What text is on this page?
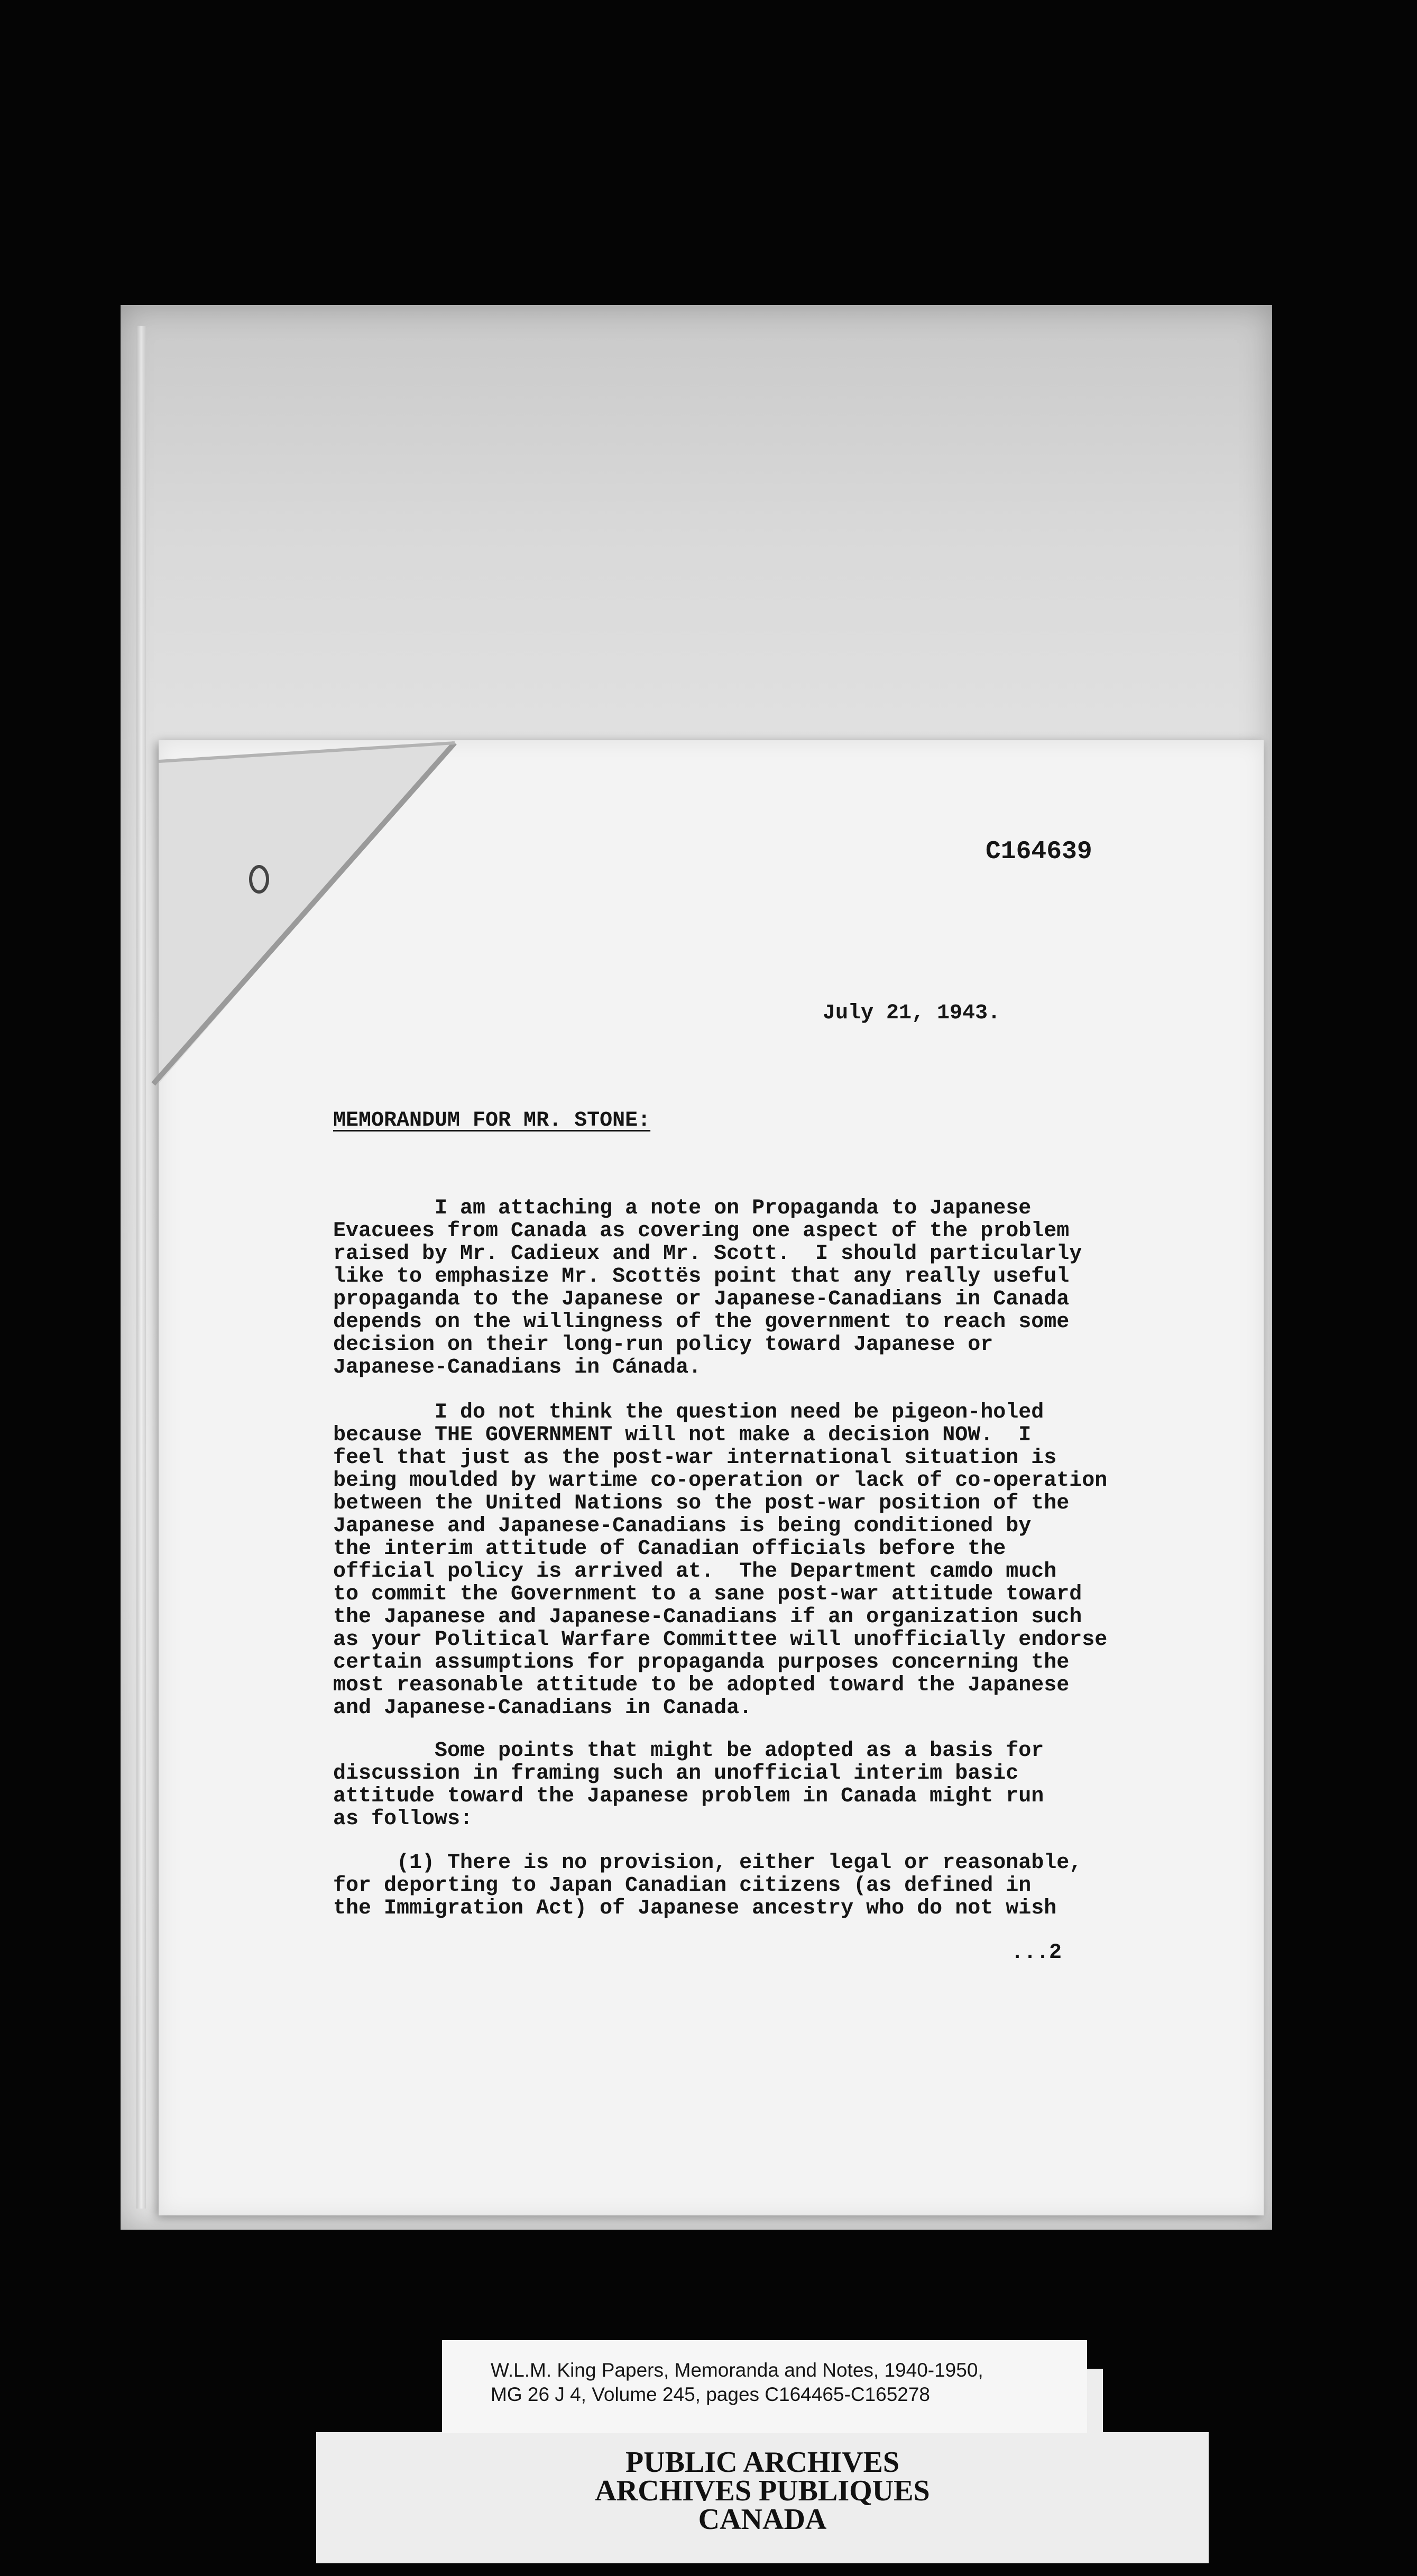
C164639
July 21, 1943.
MEMORANDUM FOR MR. STONE:
I am attaching a note on Propaganda to Japanese
Evacuees from Canada as covering one aspect of the problem
raised by Mr. Cadieux and Mr. Scott.  I should particularly
like to emphasize Mr. Scottës point that any really useful
propaganda to the Japanese or Japanese-Canadians in Canada
depends on the willingness of the government to reach some
decision on their long-run policy toward Japanese or
Japanese-Canadians in Cánada.
I do not think the question need be pigeon-holed
because THE GOVERNMENT will not make a decision NOW.  I
feel that just as the post-war international situation is
being moulded by wartime co-operation or lack of co-operation
between the United Nations so the post-war position of the
Japanese and Japanese-Canadians is being conditioned by
the interim attitude of Canadian officials before the
official policy is arrived at.  The Department camdo much
to commit the Government to a sane post-war attitude toward
the Japanese and Japanese-Canadians if an organization such
as your Political Warfare Committee will unofficially endorse
certain assumptions for propaganda purposes concerning the
most reasonable attitude to be adopted toward the Japanese
and Japanese-Canadians in Canada.
Some points that might be adopted as a basis for
discussion in framing such an unofficial interim basic
attitude toward the Japanese problem in Canada might run
as follows:
(1) There is no provision, either legal or reasonable,
for deporting to Japan Canadian citizens (as defined in
the Immigration Act) of Japanese ancestry who do not wish
...2
PUBLIC ARCHIVES
ARCHIVES PUBLIQUES
CANADA
W.L.M. King Papers, Memoranda and Notes, 1940-1950,
MG 26 J 4, Volume 245, pages C164465-C165278
